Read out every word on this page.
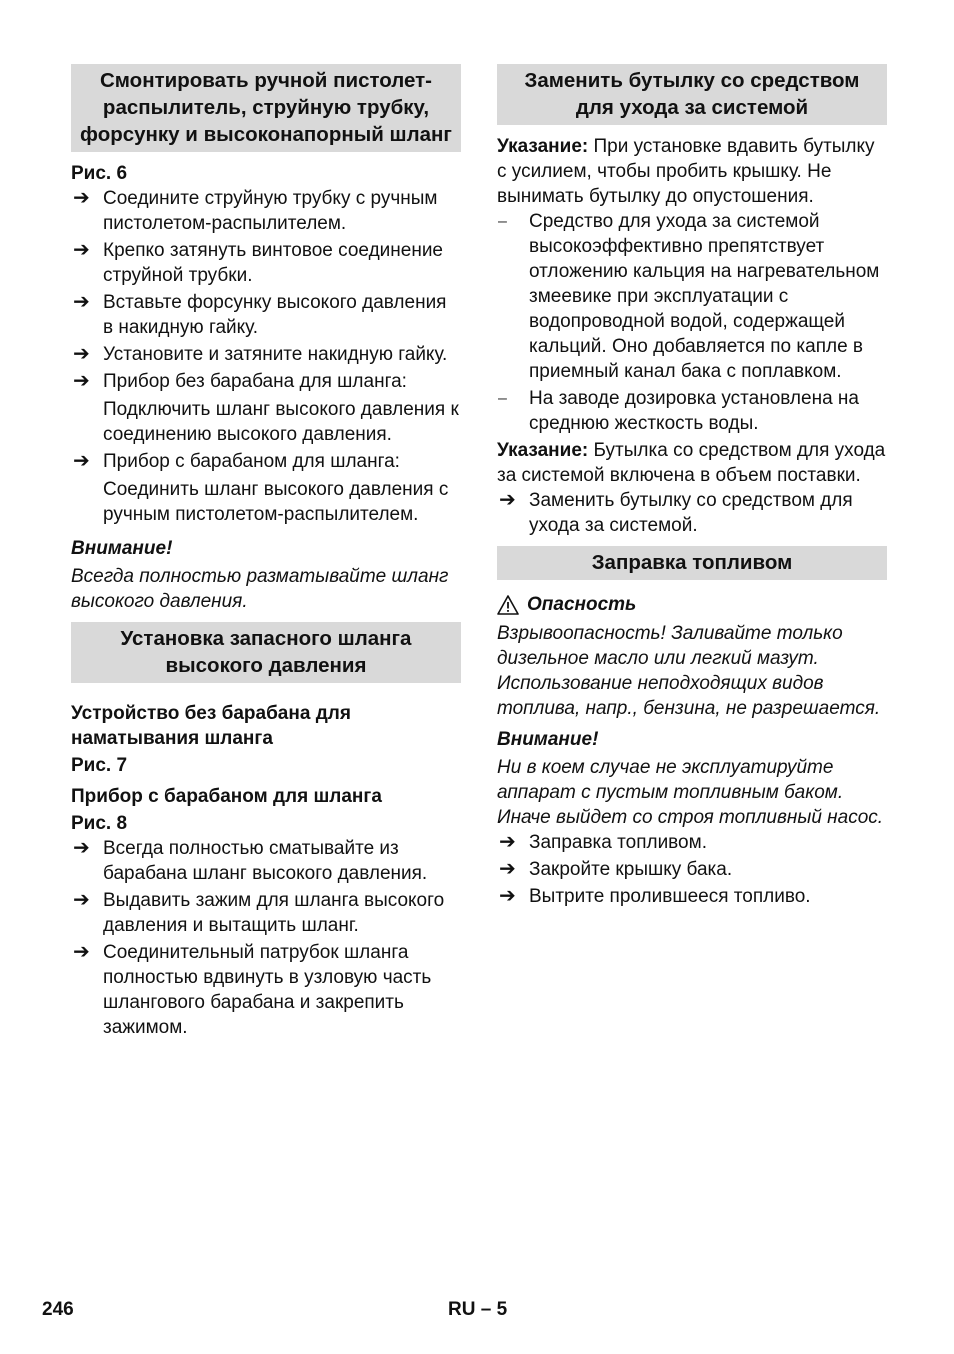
Смонтировать ручной пистолет-распылитель, струйную трубку, форсунку и высоконапорный шланг

Рис. 6

➔ Соедините струйную трубку с ручным пистолетом-распылителем.
➔ Крепко затянуть винтовое соединение струйной трубки.
➔ Вставьте форсунку высокого давления в накидную гайку.
➔ Установите и затяните накидную гайку.
➔ Прибор без барабана для шланга:
Подключить шланг высокого давления к соединению высокого давления.
➔ Прибор с барабаном для шланга:
Соединить шланг высокого давления с ручным пистолетом-распылителем.

Внимание!

Всегда полностью разматывайте шланг высокого давления.

Установка запасного шланга высокого давления

Устройство без барабана для наматывания шланга

Рис. 7

Прибор с барабаном для шланга

Рис. 8

➔ Всегда полностью сматывайте из барабана шланг высокого давления.
➔ Выдавить зажим для шланга высокого давления и вытащить шланг.
➔ Соединительный патрубок шланга полностью вдвинуть в узловую часть шлангового барабана и закрепить зажимом.
Заменить бутылку со средством для ухода за системой

Указание: При установке вдавить бутылку с усилием, чтобы пробить крышку. Не вынимать бутылку до опустошения.

–	Средство для ухода за системой высокоэффективно препятствует отложению кальция на нагревательном змеевике при эксплуатации с водопроводной водой, содержащей кальций. Оно добавляется по капле в приемный канал бака с поплавком.
–	На заводе дозировка установлена на среднюю жесткость воды.

Указание: Бутылка со средством для ухода за системой включена в объем поставки.

➔ Заменить бутылку со средством для ухода за системой.
Заправка топливом
Опасность

Взрывоопасность! Заливайте только дизельное масло или легкий мазут. Использование неподходящих видов топлива, напр., бензина, не разрешается.

Внимание!

Ни в коем случае не эксплуатируйте аппарат с пустым топливным баком. Иначе выйдет со строя топливный насос.

➔ Заправка топливом.
➔ Закройте крышку бака.
➔ Вытрите пролившееся топливо.
246	RU – 5
